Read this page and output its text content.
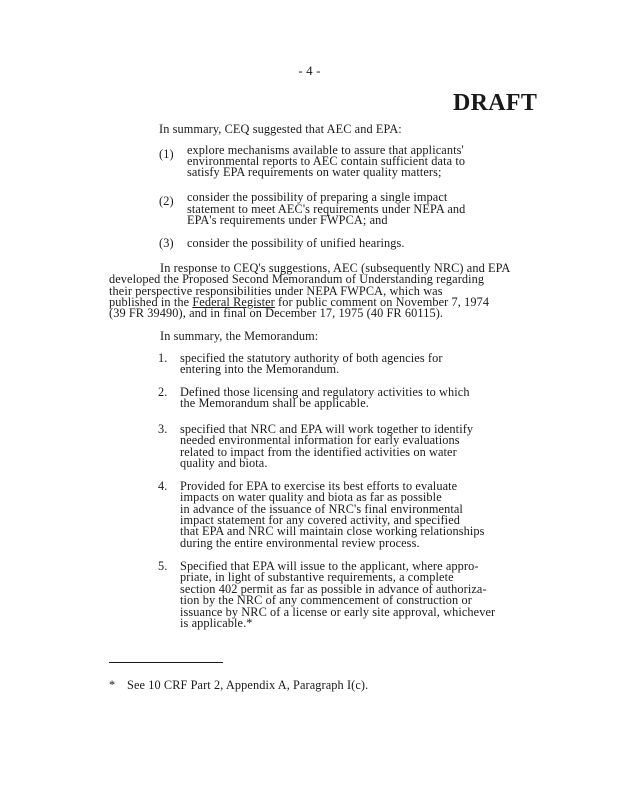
- 4 -
DRAFT
In summary, CEQ suggested that AEC and EPA:
(1)	explore mechanisms available to assure that applicants'
environmental reports to AEC contain sufficient data to
satisfy EPA requirements on water quality matters;
(2)	consider the possibility of preparing a single impact
statement to meet AEC's requirements under NEPA and
EPA's requirements under FWPCA; and
(3)	consider the possibility of unified hearings.
In response to CEQ's suggestions, AEC (subsequently NRC) and EPA
developed the Proposed Second Memorandum of Understanding regarding
their perspective responsibilities under NEPA FWPCA, which was
published in the Federal Register for public comment on November 7, 1974
(39 FR 39490), and in final on December 17, 1975 (40 FR 60115).
In summary, the Memorandum:
1.	specified the statutory authority of both agencies for
entering into the Memorandum.
2.	Defined those licensing and regulatory activities to which
the Memorandum shall be applicable.
3.	specified that NRC and EPA will work together to identify
needed environmental information for early evaluations
related to impact from the identified activities on water
quality and biota.
4.	Provided for EPA to exercise its best efforts to evaluate
impacts on water quality and biota as far as possible
in advance of the issuance of NRC's final environmental
impact statement for any covered activity, and specified
that EPA and NRC will maintain close working relationships
during the entire environmental review process.
5.	Specified that EPA will issue to the applicant, where appro-
priate, in light of substantive requirements, a complete
section 402 permit as far as possible in advance of authoriza-
tion by the NRC of any commencement of construction or
issuance by NRC of a license or early site approval, whichever
is applicable.*
* See 10 CRF Part 2, Appendix A, Paragraph I(c).
